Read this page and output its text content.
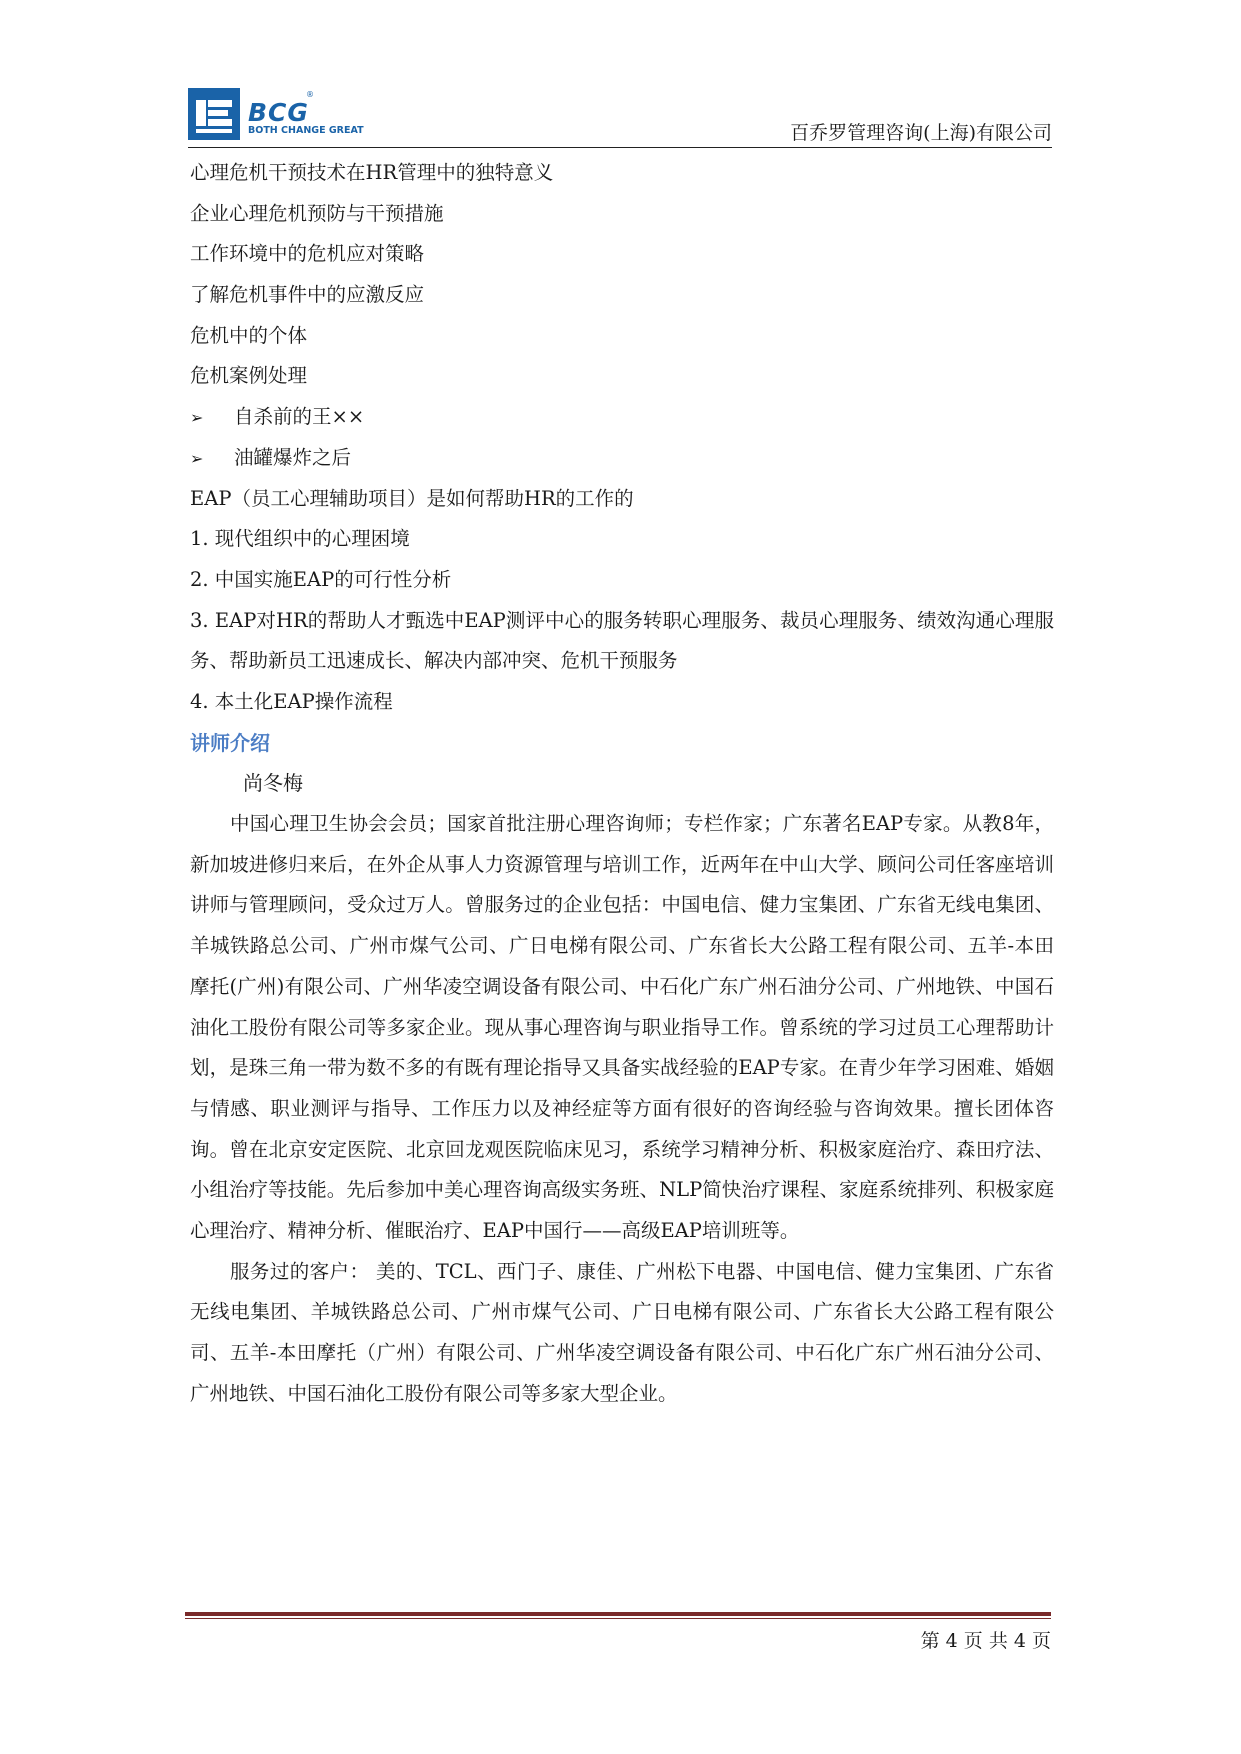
BCG
®
BOTH CHANGE GREAT	百乔罗管理咨询(上海)有限公司
心理危机干预技术在HR管理中的独特意义
企业心理危机预防与干预措施
工作环境中的危机应对策略
了解危机事件中的应激反应
危机中的个体
危机案例处理
➢ 自杀前的王××
➢ 油罐爆炸之后
EAP（员工心理辅助项目）是如何帮助HR的工作的
1. 现代组织中的心理困境
2. 中国实施EAP的可行性分析
3. EAP对HR的帮助人才甄选中EAP测评中心的服务转职心理服务、裁员心理服务、绩效沟通心理服务、帮助新员工迅速成长、解决内部冲突、危机干预服务
4. 本土化EAP操作流程
讲师介绍
尚冬梅
中国心理卫生协会会员；国家首批注册心理咨询师；专栏作家；广东著名EAP专家。从教8年，新加坡进修归来后，在外企从事人力资源管理与培训工作，近两年在中山大学、顾问公司任客座培训讲师与管理顾问，受众过万人。曾服务过的企业包括：中国电信、健力宝集团、广东省无线电集团、羊城铁路总公司、广州市煤气公司、广日电梯有限公司、广东省长大公路工程有限公司、五羊-本田摩托(广州)有限公司、广州华凌空调设备有限公司、中石化广东广州石油分公司、广州地铁、中国石油化工股份有限公司等多家企业。现从事心理咨询与职业指导工作。曾系统的学习过员工心理帮助计划，是珠三角一带为数不多的有既有理论指导又具备实战经验的EAP专家。在青少年学习困难、婚姻与情感、职业测评与指导、工作压力以及神经症等方面有很好的咨询经验与咨询效果。擅长团体咨询。曾在北京安定医院、北京回龙观医院临床见习，系统学习精神分析、积极家庭治疗、森田疗法、小组治疗等技能。先后参加中美心理咨询高级实务班、NLP简快治疗课程、家庭系统排列、积极家庭心理治疗、精神分析、催眠治疗、EAP中国行——高级EAP培训班等。
服务过的客户： 美的、TCL、西门子、康佳、广州松下电器、中国电信、健力宝集团、广东省无线电集团、羊城铁路总公司、广州市煤气公司、广日电梯有限公司、广东省长大公路工程有限公司、五羊-本田摩托（广州）有限公司、广州华凌空调设备有限公司、中石化广东广州石油分公司、广州地铁、中国石油化工股份有限公司等多家大型企业。
第 4 页 共 4 页
